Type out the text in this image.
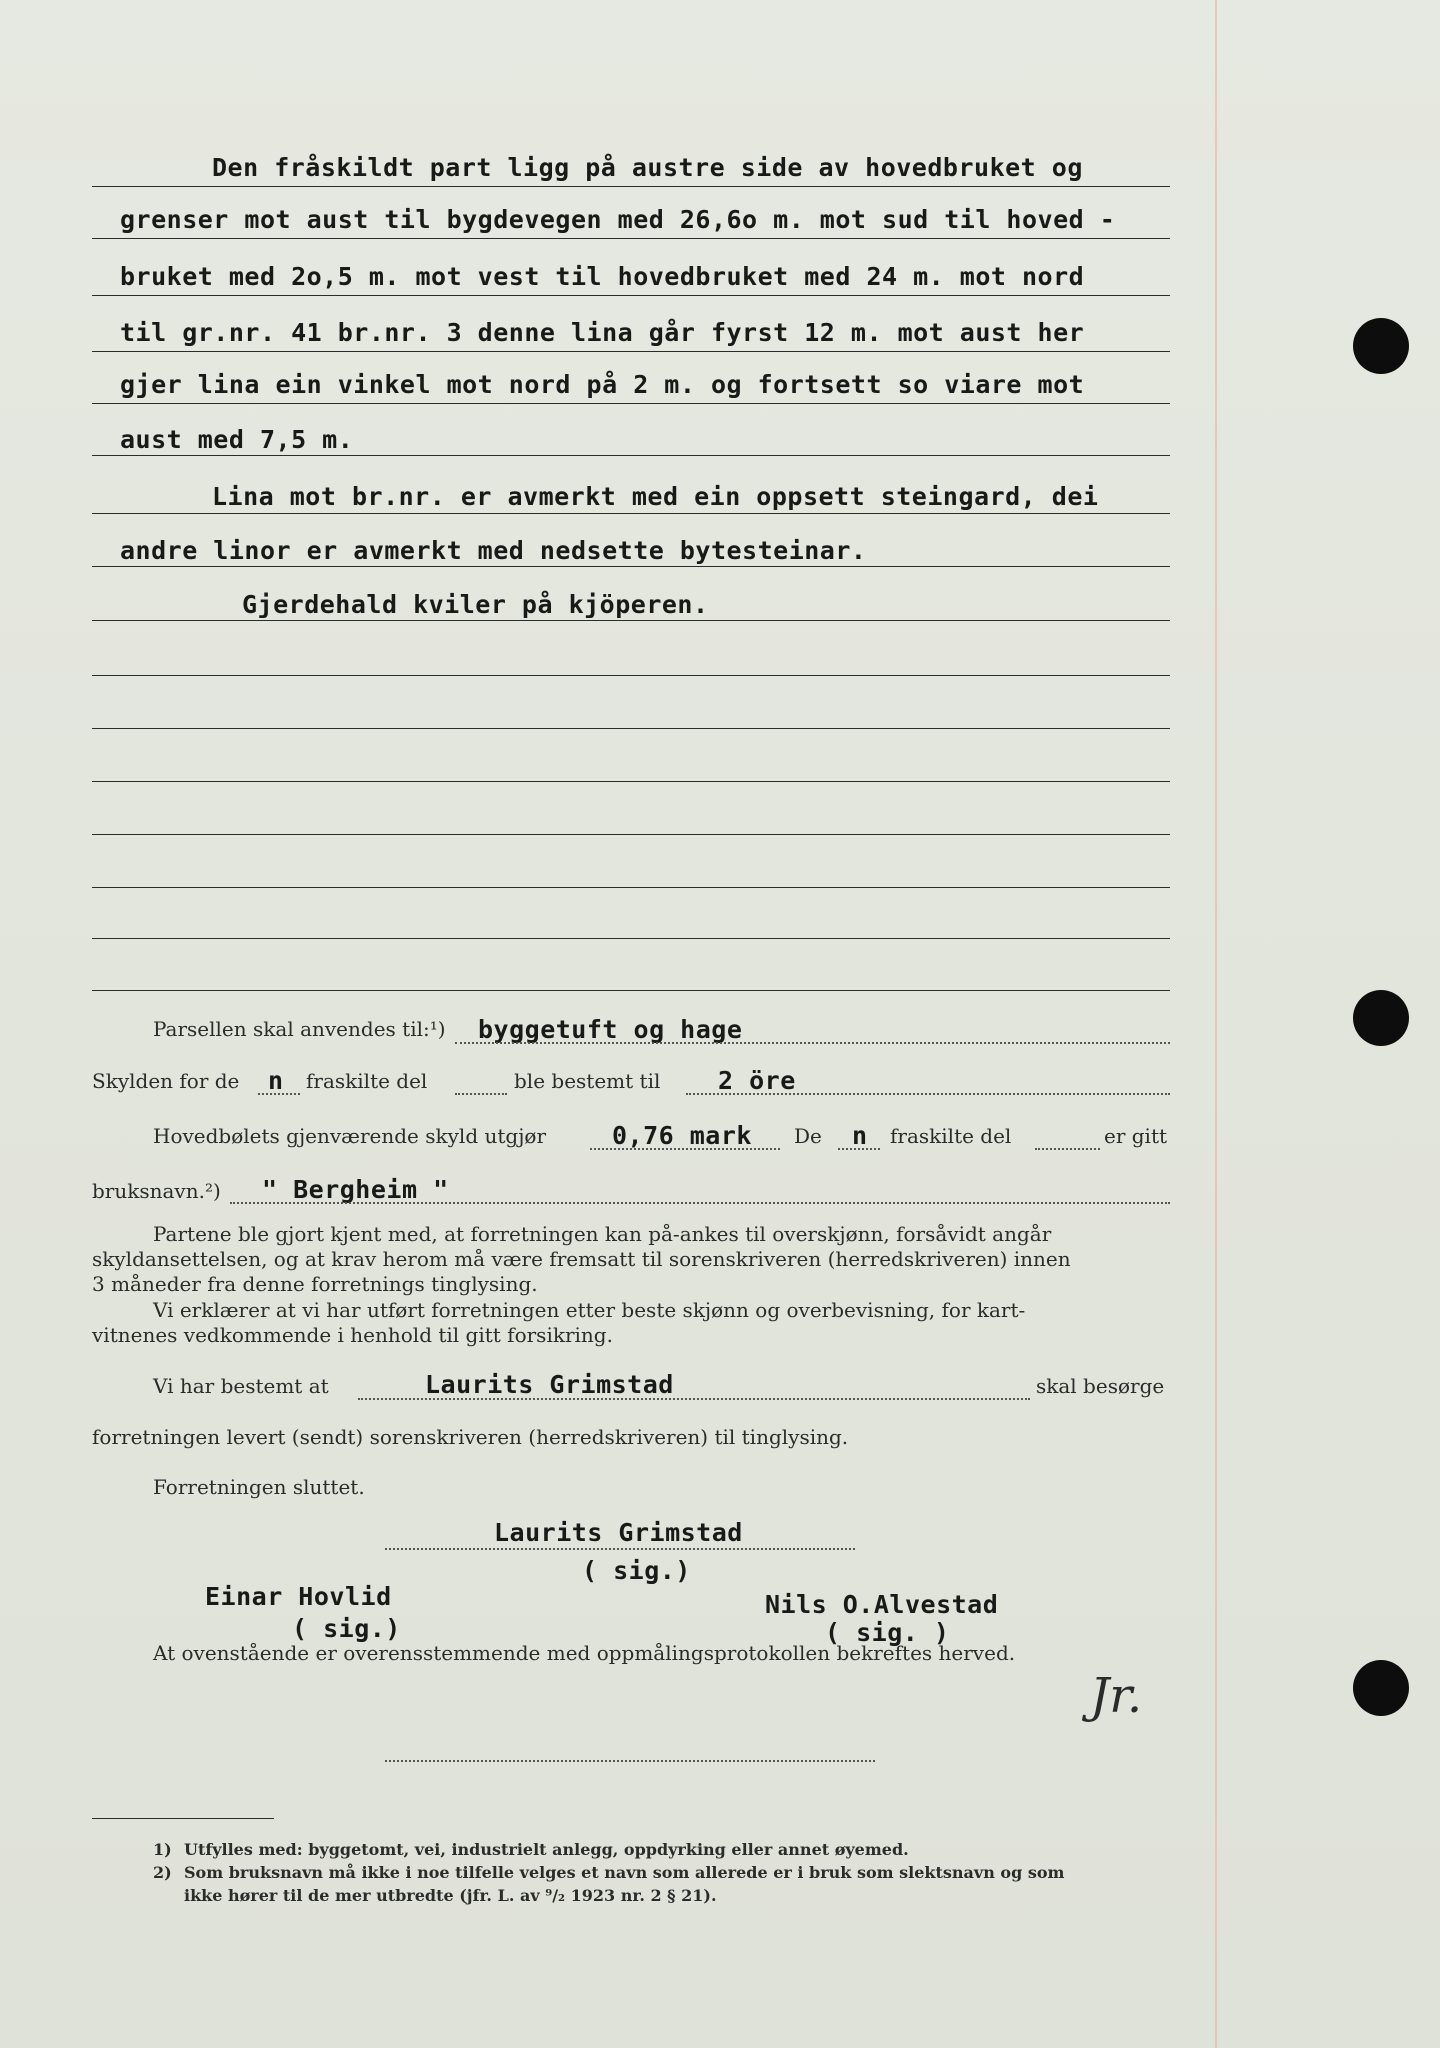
Den fråskildt part ligg på austre side av hovedbruket og
grenser mot aust til bygdevegen med 26,6o m. mot sud til hoved -
bruket med 2o,5 m. mot vest til hovedbruket med 24 m. mot nord
til gr.nr. 41 br.nr. 3 denne lina går fyrst 12 m. mot aust her
gjer lina ein vinkel mot nord på 2 m. og fortsett so viare mot
aust med 7,5 m.
Lina mot br.nr. er avmerkt med ein oppsett steingard, dei
andre linor er avmerkt med nedsette bytesteinar.
Gjerdehald kviler på kjöperen.
Parsellen skal anvendes til:¹) byggetuft og hage
Skylden for de n fraskilte del	ble bestemt til 2 öre
Hovedbølets gjenværende skyld utgjør	0,76 mark De n fraskilte del	er gitt
bruksnavn.²) " Bergheim "
Partene ble gjort kjent med, at forretningen kan på-ankes til overskjønn, forsåvidt angår
skyldansettelsen, og at krav herom må være fremsatt til sorenskriveren (herredskriveren) innen
3 måneder fra denne forretnings tinglysing.
Vi erklærer at vi har utført forretningen etter beste skjønn og overbevisning, for kart-
vitnenes vedkommende i henhold til gitt forsikring.
Vi har bestemt at	Laurits Grimstad	skal besørge
forretningen levert (sendt) sorenskriveren (herredskriveren) til tinglysing.
Forretningen sluttet.
Laurits Grimstad
( sig.)
Einar Hovlid	Nils O.Alvestad
( sig.)	( sig. )
At ovenstående er overensstemmende med oppmålingsprotokollen bekreftes herved.
Jr.
1) Utfylles med: byggetomt, vei, industrielt anlegg, oppdyrking eller annet øyemed.
2) Som bruksnavn må ikke i noe tilfelle velges et navn som allerede er i bruk som slektsnavn og som
ikke hører til de mer utbredte (jfr. L. av ⁹/₂ 1923 nr. 2 § 21).
